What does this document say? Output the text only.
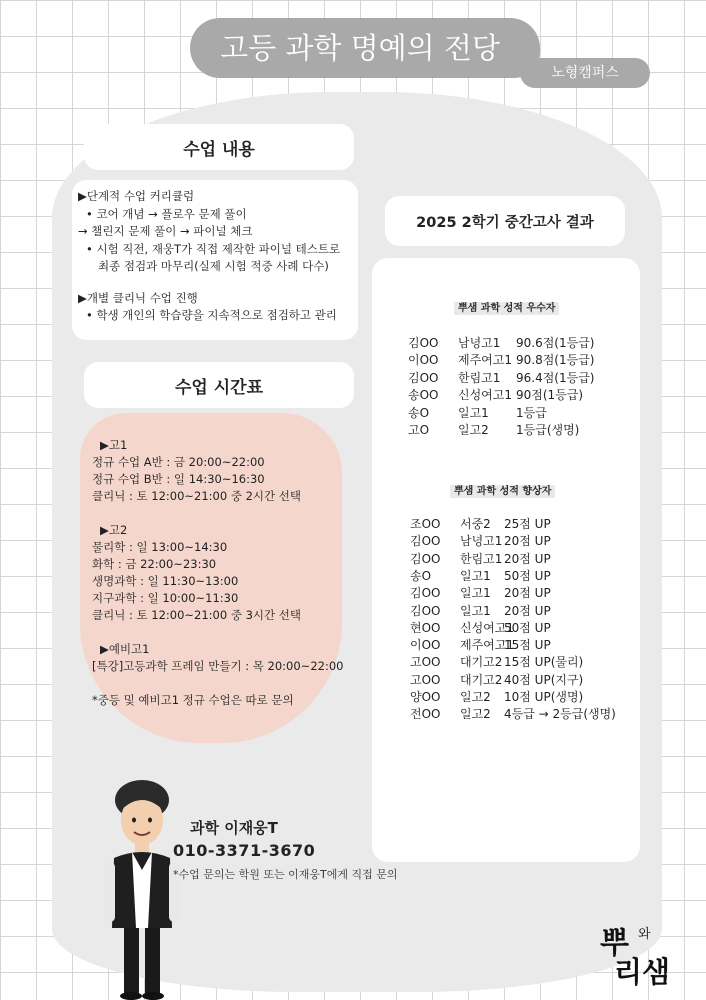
고등 과학 명예의 전당
노형캠퍼스
수업 내용
▶단계적 수업 커리큘럼
• 코어 개념 → 플로우 문제 풀이
→ 챌린지 문제 풀이 → 파이널 체크
• 시험 직전, 재웅T가 직접 제작한 파이널 테스트로
최종 점검과 마무리(실제 시험 적중 사례 다수)
▶개별 클리닉 수업 진행
• 학생 개인의 학습량을 지속적으로 점검하고 관리
수업 시간표
▶고1
정규 수업 A반 : 금 20:00~22:00
정규 수업 B반 : 일 14:30~16:30
클리닉 : 토 12:00~21:00 중 2시간 선택
▶고2
물리학 : 일 13:00~14:30
화학 : 금 22:00~23:30
생명과학 : 일 11:30~13:00
지구과학 : 일 10:00~11:30
클리닉 : 토 12:00~21:00 중 3시간 선택
▶예비고1
[특강]고등과학 프레임 만들기 : 목 20:00~22:00
*중등 및 예비고1 정규 수업은 따로 문의
2025 2학기 중간고사 결과
뿌샘 과학 성적 우수자
김OO 남녕고1 90.6점(1등급)
이OO 제주여고1 90.8점(1등급)
김OO 한림고1 96.4점(1등급)
송OO 신성여고1 90점(1등급)
송O 일고1 1등급
고O 일고2 1등급(생명)
뿌샘 과학 성적 향상자
조OO 서중2 25점 UP
김OO 남녕고1 20점 UP
김OO 한림고1 20점 UP
송O 일고1 50점 UP
김OO 일고1 20점 UP
김OO 일고1 20점 UP
현OO 신성여고1
50점 UP
이OO 제주여고1
15점 UP
고OO 대기고2 15점 UP(물리)
고OO 대기고2 40점 UP(지구)
양OO 일고2 10점 UP(생명)
전OO 일고2 4등급 → 2등급(생명)
과학 이재웅T
010-3371-3670
*수업 문의는 학원 또는 이재웅T에게 직접 문의
뿌 와
리샘
